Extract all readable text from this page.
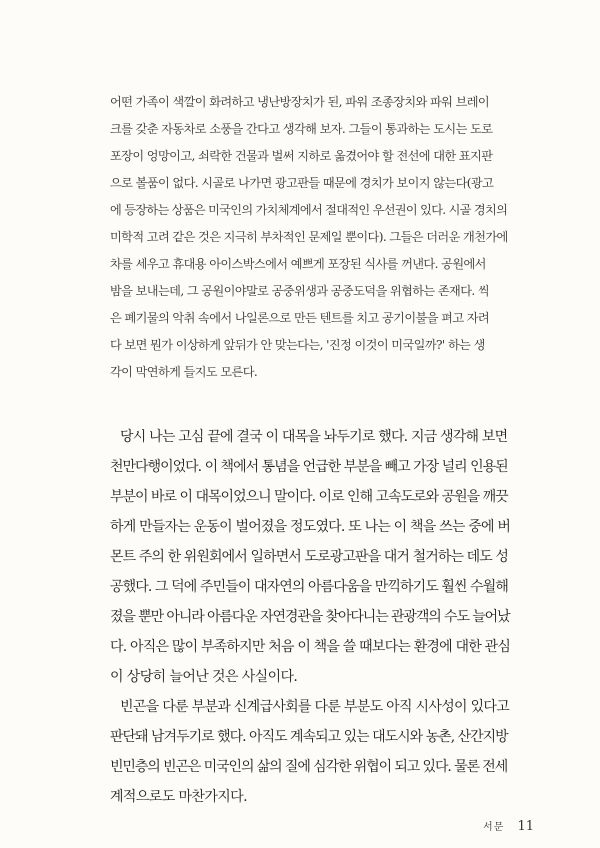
어떤 가족이 색깔이 화려하고 냉난방장치가 된, 파워 조종장치와 파워 브레이
크를 갖춘 자동차로 소풍을 간다고 생각해 보자. 그들이 통과하는 도시는 도로
포장이 엉망이고, 쇠락한 건물과 벌써 지하로 옮겼어야 할 전선에 대한 표지판
으로 볼품이 없다. 시골로 나가면 광고판들 때문에 경치가 보이지 않는다(광고
에 등장하는 상품은 미국인의 가치체계에서 절대적인 우선권이 있다. 시골 경치의
미학적 고려 같은 것은 지극히 부차적인 문제일 뿐이다). 그들은 더러운 개천가에
차를 세우고 휴대용 아이스박스에서 예쁘게 포장된 식사를 꺼낸다. 공원에서
밤을 보내는데, 그 공원이야말로 공중위생과 공중도덕을 위협하는 존재다. 씩
은 폐기물의 악취 속에서 나일론으로 만든 텐트를 치고 공기이불을 펴고 자려
다 보면 뭔가 이상하게 앞뒤가 안 맞는다는, '진정 이것이 미국일까?' 하는 생
각이 막연하게 들지도 모른다.
당시 나는 고심 끝에 결국 이 대목을 놔두기로 했다. 지금 생각해 보면
천만다행이었다. 이 책에서 통념을 언급한 부분을 빼고 가장 널리 인용된
부분이 바로 이 대목이었으니 말이다. 이로 인해 고속도로와 공원을 깨끗
하게 만들자는 운동이 벌어졌을 정도였다. 또 나는 이 책을 쓰는 중에 버
몬트 주의 한 위원회에서 일하면서 도로광고판을 대거 철거하는 데도 성
공했다. 그 덕에 주민들이 대자연의 아름다움을 만끽하기도 훨씬 수월해
졌을 뿐만 아니라 아름다운 자연경관을 찾아다니는 관광객의 수도 늘어났
다. 아직은 많이 부족하지만 처음 이 책을 쓸 때보다는 환경에 대한 관심
이 상당히 늘어난 것은 사실이다.
빈곤을 다룬 부분과 신계급사회를 다룬 부분도 아직 시사성이 있다고
판단돼 남겨두기로 했다. 아직도 계속되고 있는 대도시와 농촌, 산간지방
빈민층의 빈곤은 미국인의 삶의 질에 심각한 위협이 되고 있다. 물론 전세
계적으로도 마찬가지다.
서문 11
